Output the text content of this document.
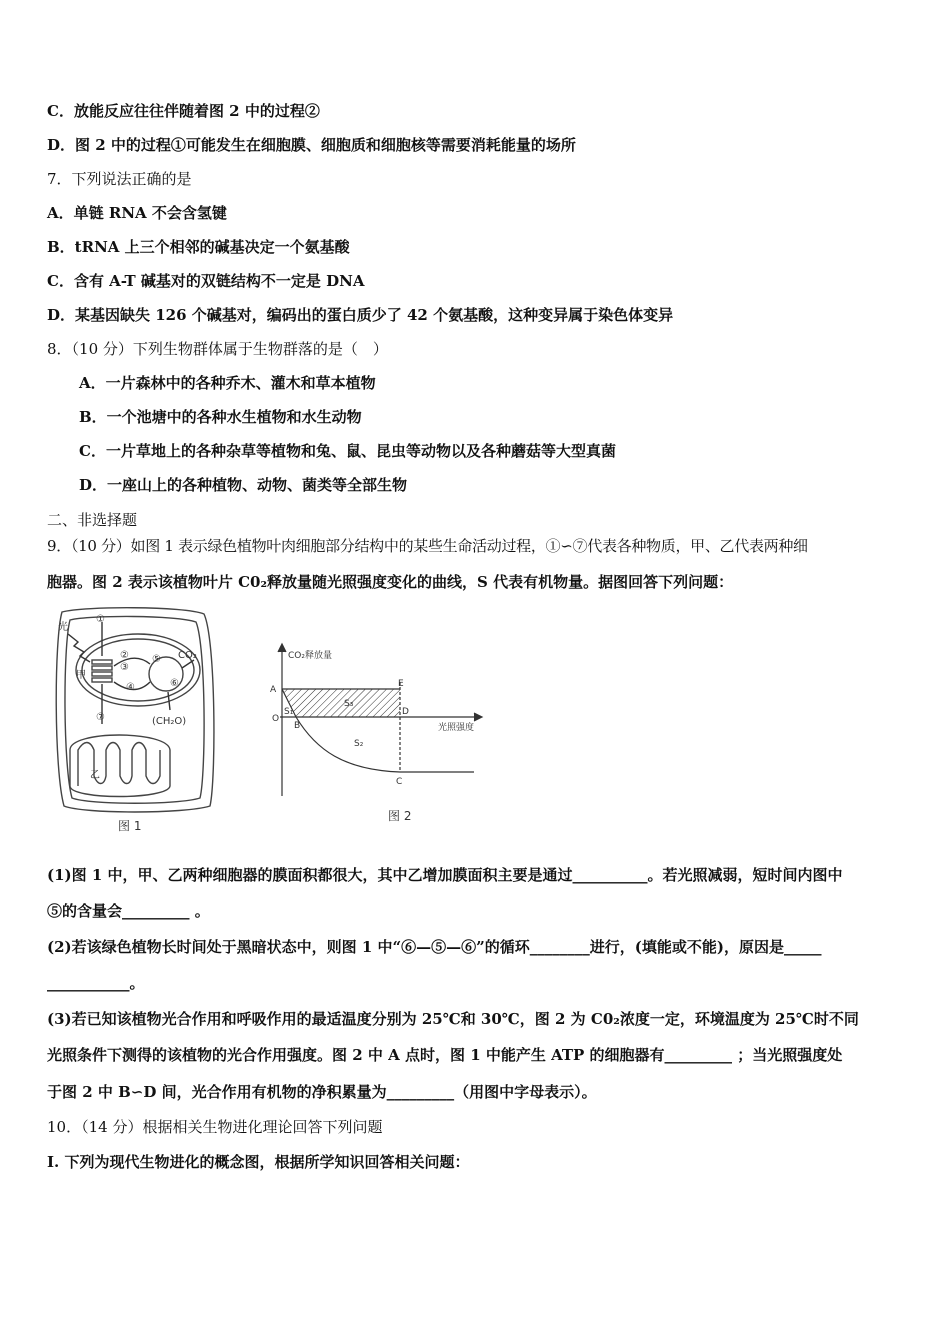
C．放能反应往往伴随着图 2 中的过程②
D．图 2 中的过程①可能发生在细胞膜、细胞质和细胞核等需要消耗能量的场所
7．下列说法正确的是
A．单链 RNA 不会含氢键
B．tRNA 上三个相邻的碱基决定一个氨基酸
C．含有 A-T 碱基对的双链结构不一定是 DNA
D．某基因缺失 126 个碱基对，编码出的蛋白质少了 42 个氨基酸，这种变异属于染色体变异
8．（10 分）下列生物群体属于生物群落的是（　）
A．一片森林中的各种乔木、灌木和草本植物
B．一个池塘中的各种水生植物和水生动物
C．一片草地上的各种杂草等植物和兔、鼠、昆虫等动物以及各种蘑菇等大型真菌
D．一座山上的各种植物、动物、菌类等全部生物
二、非选择题
9．（10 分）如图 1 表示绿色植物叶肉细胞部分结构中的某些生命活动过程，①∽⑦代表各种物质，甲、乙代表两种细
胞器。图 2 表示该植物叶片 C0₂释放量随光照强度变化的曲线，S 代表有机物量。据图回答下列问题：
光
甲
乙
CO₂
(CH₂O)
①
②
③
④
⑤
⑥
⑦
图 1
CO₂释放量
光照强度
A
O
B
C
D
E
S₁
S₃
S₂
图 2
(1)图 1 中，甲、乙两种细胞器的膜面积都很大，其中乙增加膜面积主要是通过__________。若光照减弱，短时间内图中
⑤的含量会_________ 。
(2)若该绿色植物长时间处于黑暗状态中，则图 1 中“⑥—⑤—⑥”的循环________进行，(填能或不能)，原因是_____
___________。
(3)若已知该植物光合作用和呼吸作用的最适温度分别为 25℃和 30℃，图 2 为 C0₂浓度一定，环境温度为 25℃时不同
光照条件下测得的该植物的光合作用强度。图 2 中 A 点时，图 1 中能产生 ATP 的细胞器有_________ ；当光照强度处
于图 2 中 B∽D 间，光合作用有机物的净积累量为_________（用图中字母表示）。
10．（14 分）根据相关生物进化理论回答下列问题
I. 下列为现代生物进化的概念图，根据所学知识回答相关问题：
